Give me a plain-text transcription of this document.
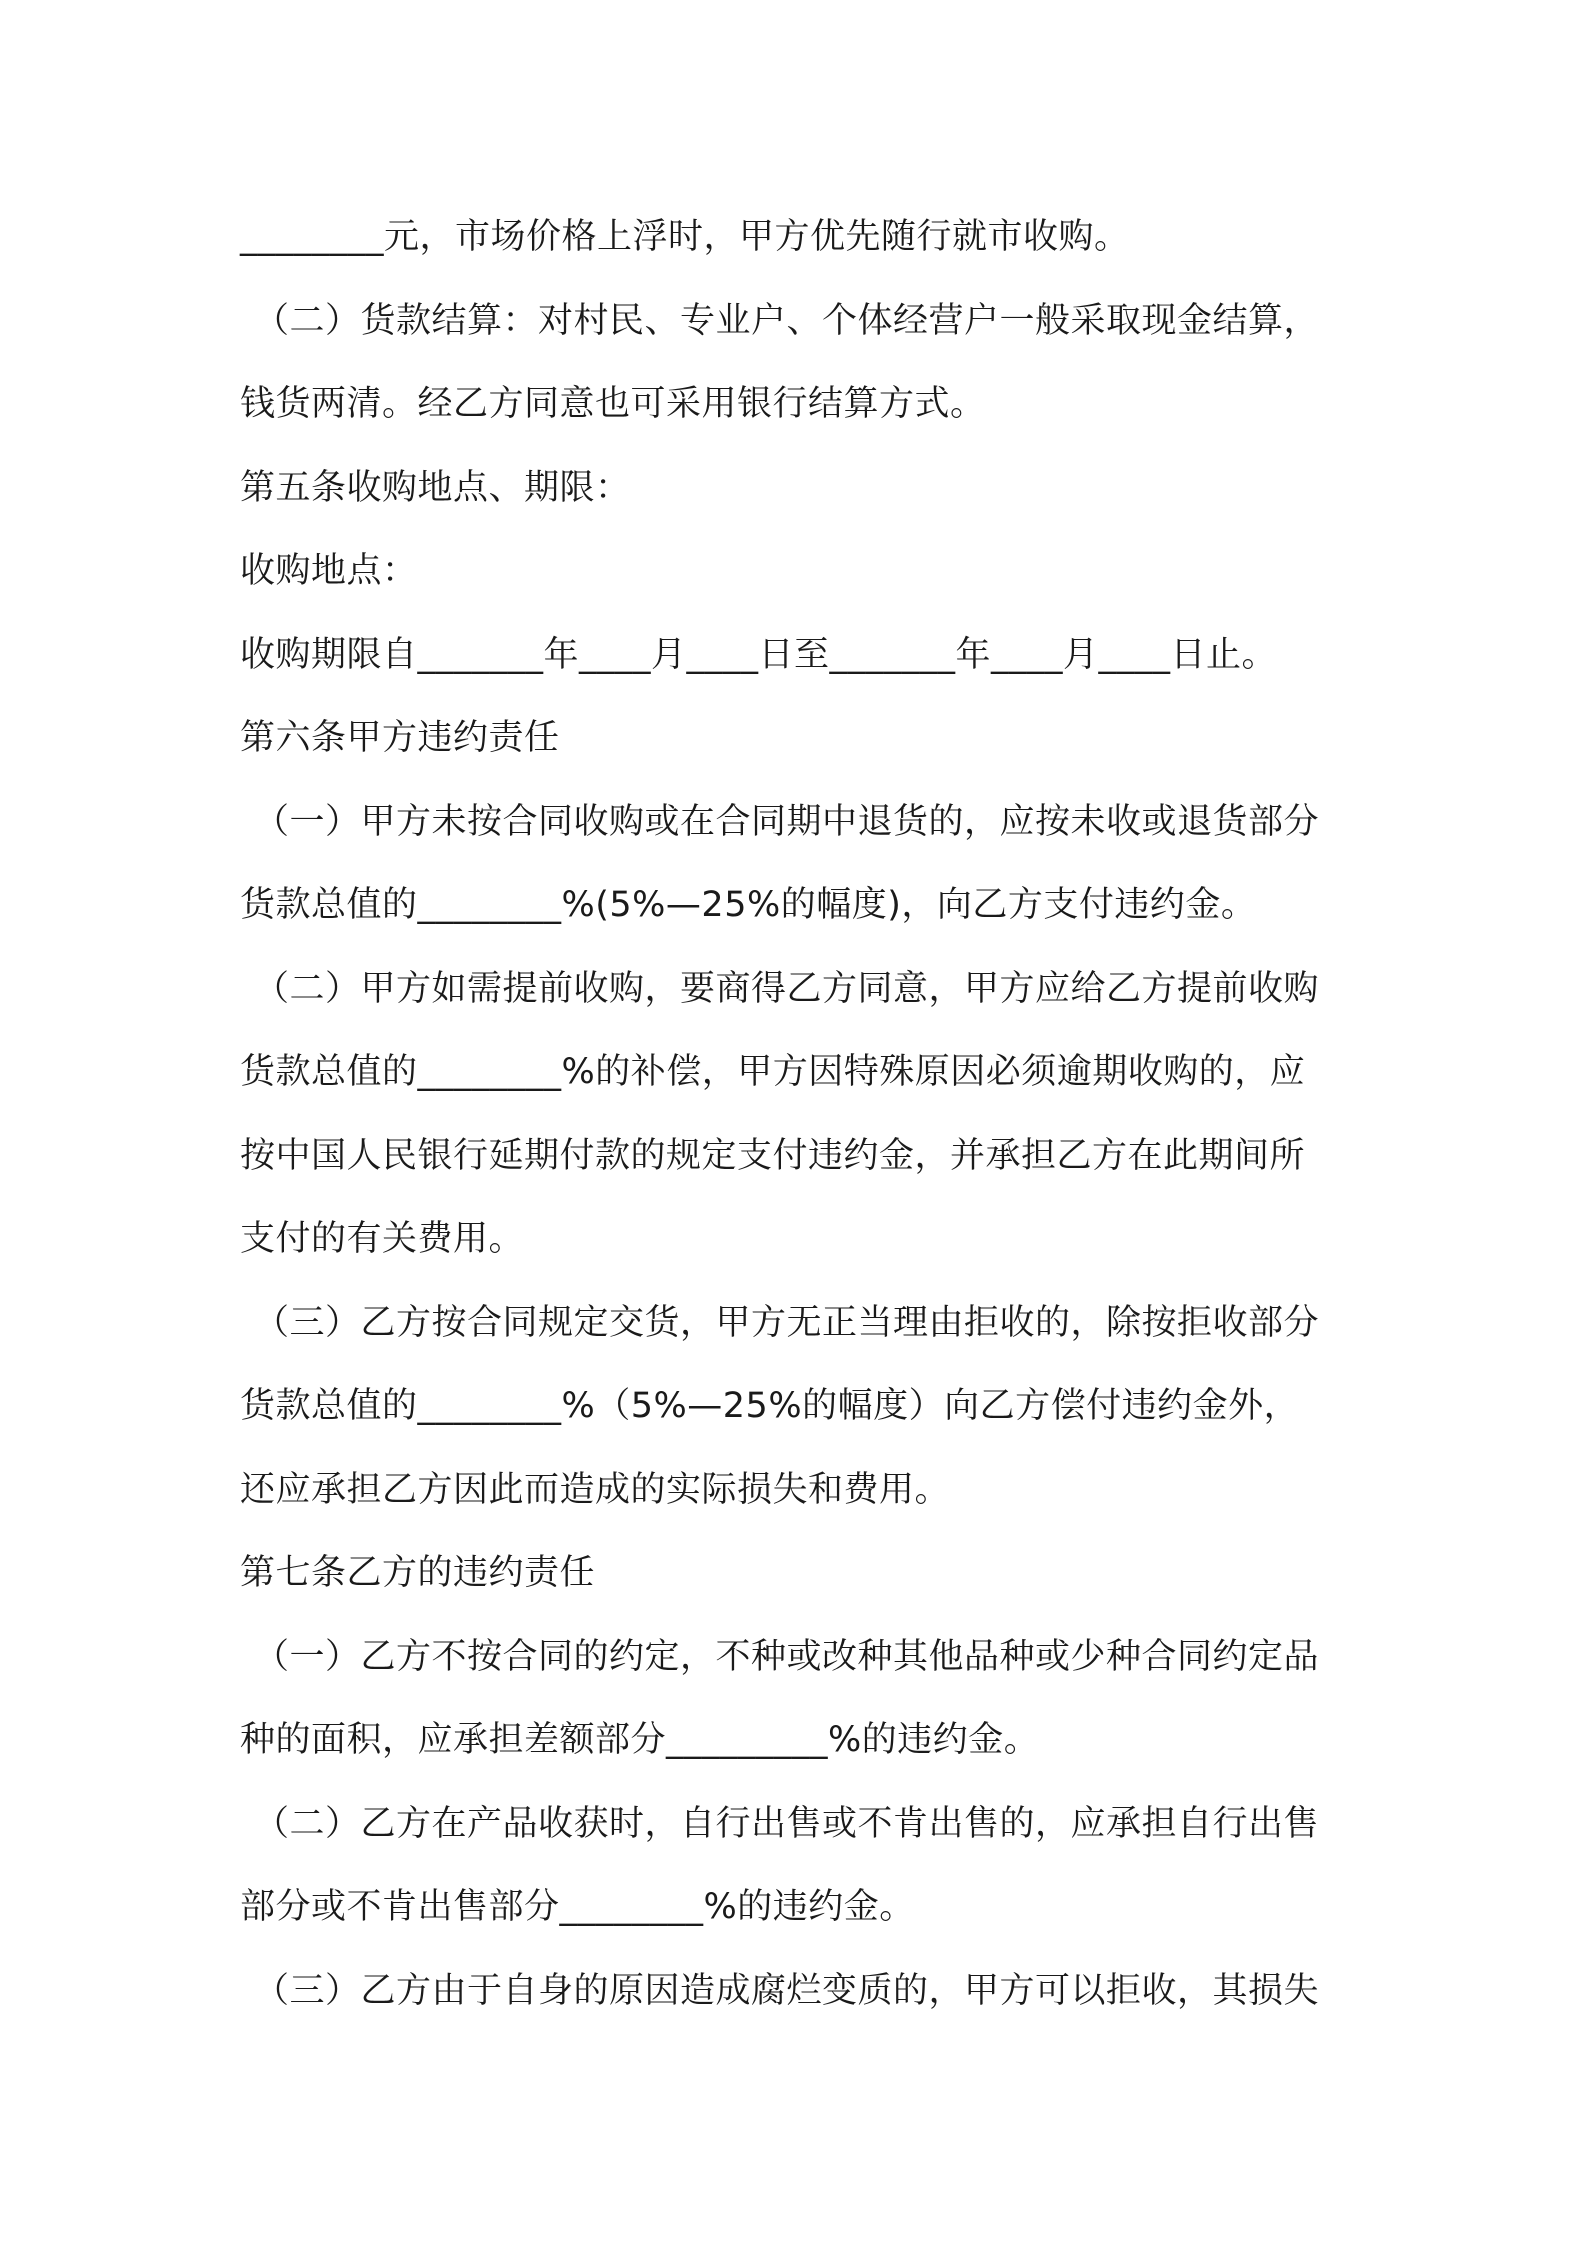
________元，市场价格上浮时，甲方优先随行就市收购。
（二）货款结算：对村民、专业户、个体经营户一般采取现金结算，
钱货两清。经乙方同意也可采用银行结算方式。
第五条收购地点、期限：
收购地点：
收购期限自_______年____月____日至_______年____月____日止。
第六条甲方违约责任
（一）甲方未按合同收购或在合同期中退货的，应按未收或退货部分
货款总值的________%(5%—25%的幅度)，向乙方支付违约金。
（二）甲方如需提前收购，要商得乙方同意，甲方应给乙方提前收购
货款总值的________%的补偿，甲方因特殊原因必须逾期收购的，应
按中国人民银行延期付款的规定支付违约金，并承担乙方在此期间所
支付的有关费用。
（三）乙方按合同规定交货，甲方无正当理由拒收的，除按拒收部分
货款总值的________%（5%—25%的幅度）向乙方偿付违约金外，
还应承担乙方因此而造成的实际损失和费用。
第七条乙方的违约责任
（一）乙方不按合同的约定，不种或改种其他品种或少种合同约定品
种的面积，应承担差额部分_________%的违约金。
（二）乙方在产品收获时，自行出售或不肯出售的，应承担自行出售
部分或不肯出售部分________%的违约金。
（三）乙方由于自身的原因造成腐烂变质的，甲方可以拒收，其损失
